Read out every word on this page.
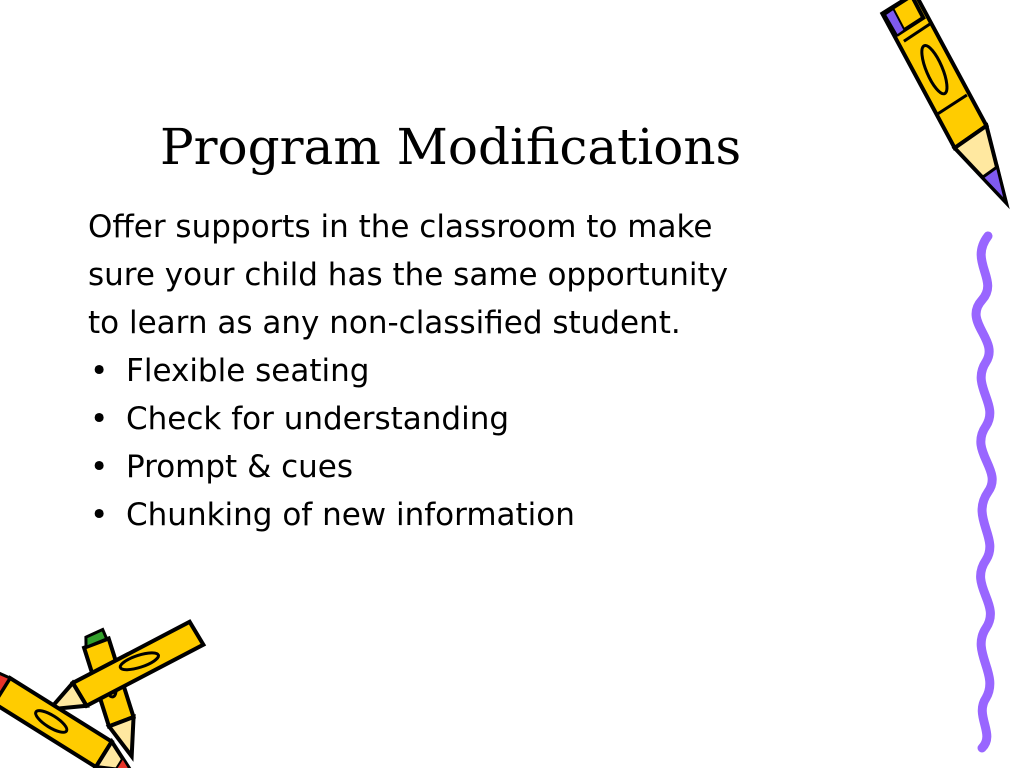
Program Modifications

Offer supports in the classroom to make sure your child has the same opportunity to learn as any non-classified student.

• Flexible seating
• Check for understanding
• Prompt & cues
• Chunking of new information
